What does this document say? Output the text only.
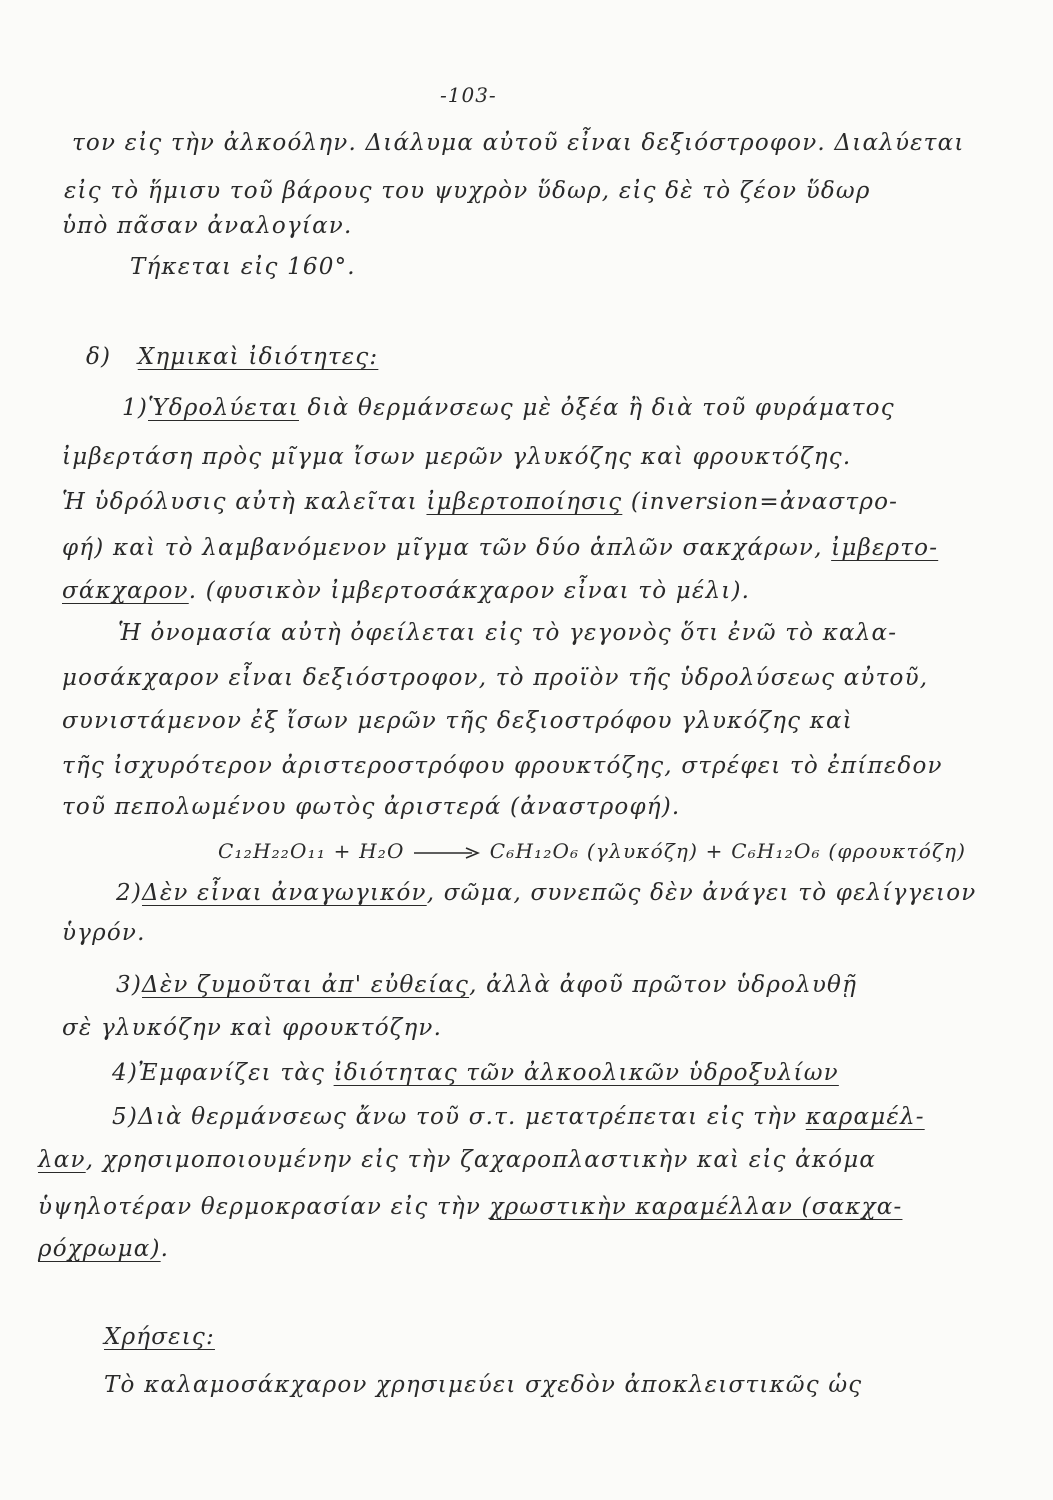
-103-
τον εἰς τὴν ἀλκοόλην. Διάλυμα αὐτοῦ εἶναι δεξιόστροφον. Διαλύεται
εἰς τὸ ἥμισυ τοῦ βάρους του ψυχρὸν ὕδωρ, εἰς δὲ τὸ ζέον ὕδωρ
ὑπὸ πᾶσαν ἀναλογίαν.
Τήκεται εἰς 160°.
δ) Χημικαὶ ἰδιότητες:
1)Ὑδρολύεται διὰ θερμάνσεως μὲ ὀξέα ἢ διὰ τοῦ φυράματος
ἰμβερτάση πρὸς μῖγμα ἴσων μερῶν γλυκόζης καὶ φρουκτόζης.
Ἡ ὑδρόλυσις αὐτὴ καλεῖται ἰμβερτοποίησις (inversion=ἀναστρο-
φή) καὶ τὸ λαμβανόμενον μῖγμα τῶν δύο ἁπλῶν σακχάρων, ἰμβερτο-
σάκχαρον. (φυσικὸν ἰμβερτοσάκχαρον εἶναι τὸ μέλι).
Ἡ ὀνομασία αὐτὴ ὀφείλεται εἰς τὸ γεγονὸς ὅτι ἐνῶ τὸ καλα-
μοσάκχαρον εἶναι δεξιόστροφον, τὸ προϊὸν τῆς ὑδρολύσεως αὐτοῦ,
συνιστάμενον ἐξ ἴσων μερῶν τῆς δεξιοστρόφου γλυκόζης καὶ
τῆς ἰσχυρότερον ἀριστεροστρόφου φρουκτόζης, στρέφει τὸ ἐπίπεδον
τοῦ πεπολωμένου φωτὸς ἀριστερά (ἀναστροφή).
C₁₂H₂₂O₁₁ + H₂O → C₆H₁₂O₆ (γλυκόζη) + C₆H₁₂O₆ (φρουκτόζη)
2)Δὲν εἶναι ἀναγωγικόν, σῶμα, συνεπῶς δὲν ἀνάγει τὸ φελίγγειον
ὑγρόν.
3)Δὲν ζυμοῦται ἀπ' εὐθείας, ἀλλὰ ἀφοῦ πρῶτον ὑδρολυθῇ
σὲ γλυκόζην καὶ φρουκτόζην.
4)Ἐμφανίζει τὰς ἰδιότητας τῶν ἀλκοολικῶν ὑδροξυλίων
5)Διὰ θερμάνσεως ἄνω τοῦ σ.τ. μετατρέπεται εἰς τὴν καραμέλ-
λαν, χρησιμοποιουμένην εἰς τὴν ζαχαροπλαστικὴν καὶ εἰς ἀκόμα
ὑψηλοτέραν θερμοκρασίαν εἰς τὴν χρωστικὴν καραμέλλαν (σακχα-
ρόχρωμα).
Χρήσεις:
Τὸ καλαμοσάκχαρον χρησιμεύει σχεδὸν ἀποκλειστικῶς ὡς
